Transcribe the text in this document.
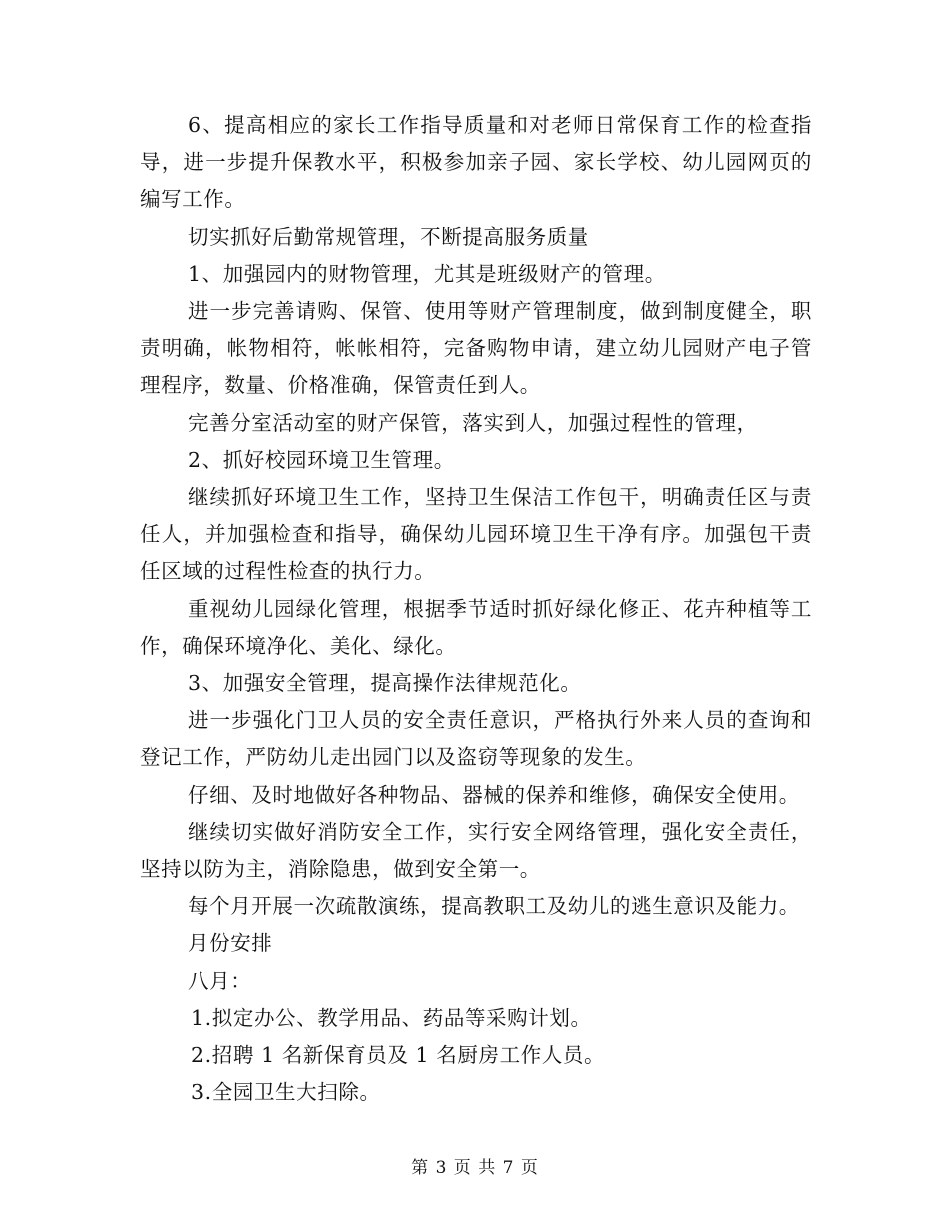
6、提高相应的家长工作指导质量和对老师日常保育工作的检查指导，进一步提升保教水平，积极参加亲子园、家长学校、幼儿园网页的编写工作。

切实抓好后勤常规管理，不断提高服务质量

1、加强园内的财物管理，尤其是班级财产的管理。

进一步完善请购、保管、使用等财产管理制度，做到制度健全，职责明确，帐物相符，帐帐相符，完备购物申请，建立幼儿园财产电子管理程序，数量、价格准确，保管责任到人。

完善分室活动室的财产保管，落实到人，加强过程性的管理，

2、抓好校园环境卫生管理。

继续抓好环境卫生工作，坚持卫生保洁工作包干，明确责任区与责任人，并加强检查和指导，确保幼儿园环境卫生干净有序。加强包干责任区域的过程性检查的执行力。

重视幼儿园绿化管理，根据季节适时抓好绿化修正、花卉种植等工作，确保环境净化、美化、绿化。

3、加强安全管理，提高操作法律规范化。

进一步强化门卫人员的安全责任意识，严格执行外来人员的查询和登记工作，严防幼儿走出园门以及盗窃等现象的发生。

仔细、及时地做好各种物品、器械的保养和维修，确保安全使用。

继续切实做好消防安全工作，实行安全网络管理，强化安全责任，坚持以防为主，消除隐患，做到安全第一。

每个月开展一次疏散演练，提高教职工及幼儿的逃生意识及能力。

月份安排

八月：

1.拟定办公、教学用品、药品等采购计划。

2.招聘 1 名新保育员及 1 名厨房工作人员。

3.全园卫生大扫除。

第 3 页 共 7 页
